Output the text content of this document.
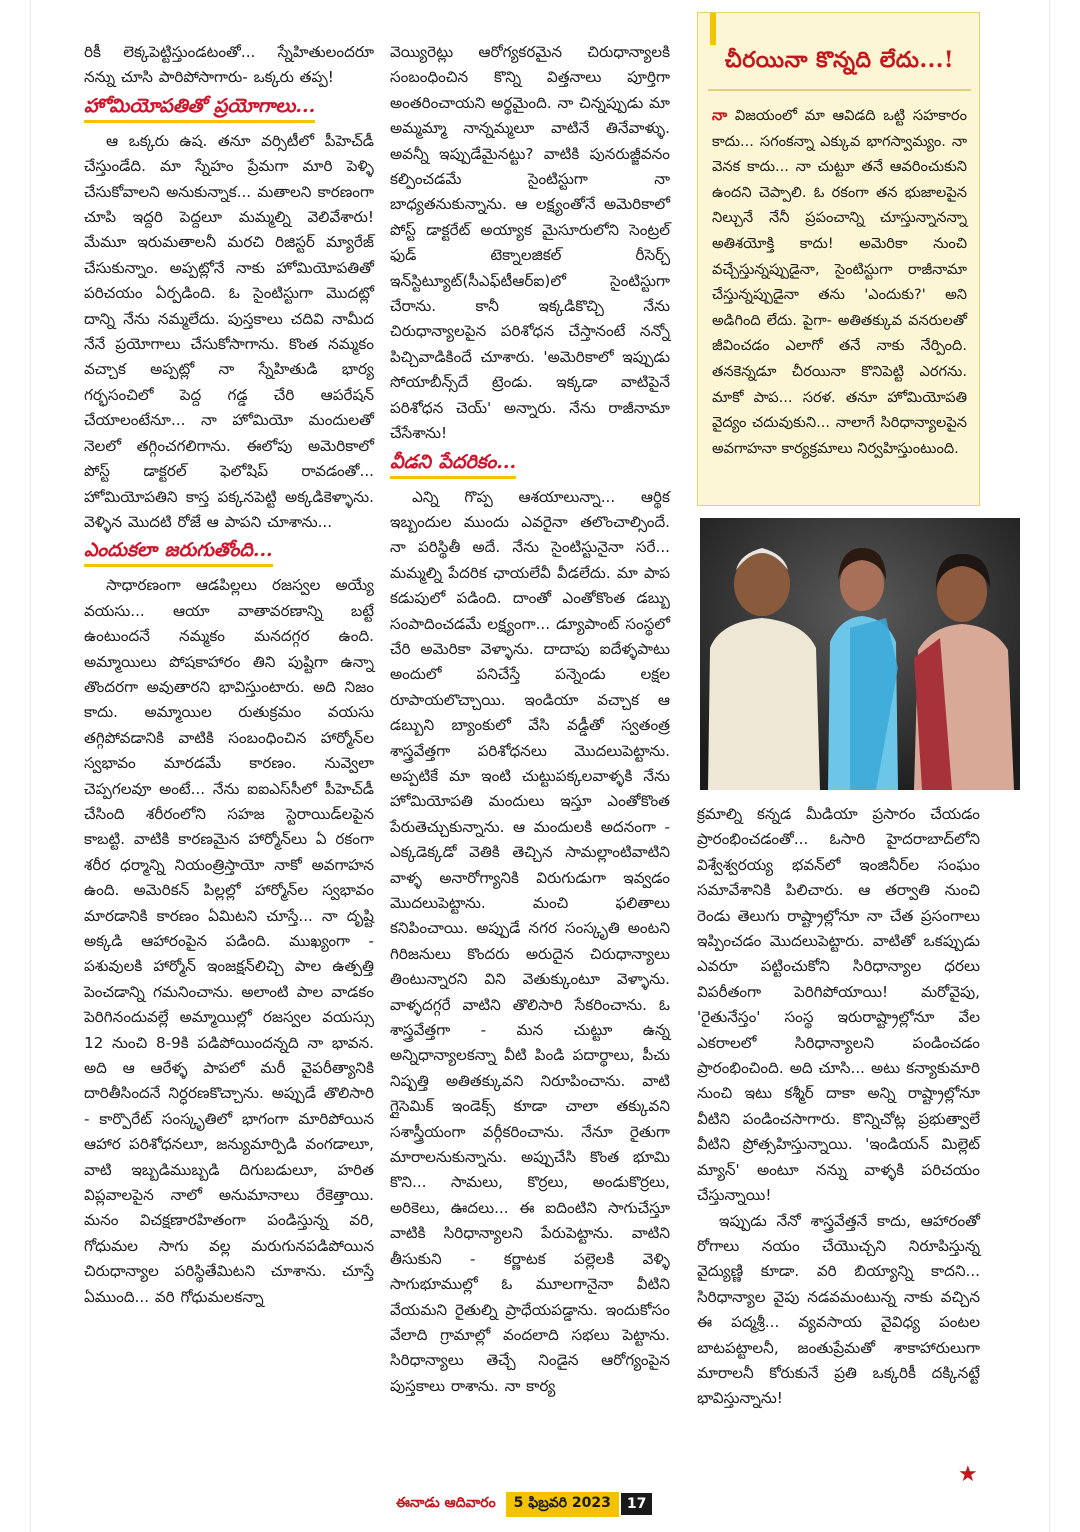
రికీ లెక్కపెట్టిస్తుండటంతో... స్నేహితులందరూ నన్ను చూసి పారిపోసాగారు- ఒక్కరు తప్ప!

హోమియోపతితో ప్రయోగాలు...

ఆ ఒక్కరు ఉష. తనూ వర్సిటీలో పీహెచ్‌డీ చేస్తుండేది. మా స్నేహం ప్రేమగా మారి పెళ్ళి చేసుకోవాలని అనుకున్నాక... మతాలని కారణంగా చూపి ఇద్దరి పెద్దలూ మమ్మల్ని వెలివేశారు! మేమూ ఇరుమతాలనీ మరచి రిజిస్టర్ మ్యారేజ్ చేసుకున్నాం. అప్పట్లోనే నాకు హోమియోపతితో పరిచయం ఏర్పడింది. ఓ సైంటిస్టుగా మొదట్లో దాన్ని నేను నమ్మలేదు. పుస్తకాలు చదివి నామీద నేనే ప్రయోగాలు చేసుకోసాగాను. కొంత నమ్మకం వచ్చాక అప్పట్లో నా స్నేహితుడి భార్య గర్భసంచిలో పెద్ద గడ్డ చేరి ఆపరేషన్ చేయాలంటేనూ... నా హోమియో మందులతో నెలలో తగ్గించగలిగాను. ఈలోపు అమెరికాలో పోస్ట్ డాక్టరల్ ఫెలోషిప్ రావడంతో... హోమియోపతిని కాస్త పక్కనపెట్టి అక్కడికెళ్ళాను. వెళ్ళిన మొదటి రోజే ఆ పాపని చూశాను...

ఎందుకలా జరుగుతోంది...

సాధారణంగా ఆడపిల్లలు రజస్వల అయ్యే వయసు... ఆయా వాతావరణాన్ని బట్టే ఉంటుందనే నమ్మకం మనదగ్గర ఉంది. అమ్మాయిలు పోషకాహారం తిని పుష్టిగా ఉన్నా తొందరగా అవుతారని భావిస్తుంటారు. అది నిజం కాదు. అమ్మాయిల రుతుక్రమం వయసు తగ్గిపోవడానికి వాటికి సంబంధించిన హార్మోన్‌ల స్వభావం మారడమే కారణం. నువ్వెలా చెప్పగలవూ అంటే... నేను ఐఐఎస్‌సీలో పీహెచ్‌డీ చేసింది శరీరంలోని సహజ స్టెరాయిడ్‌లపైన కాబట్టి. వాటికి కారణమైన హార్మోన్‌లు ఏ రకంగా శరీర ధర్మాన్ని నియంత్రిస్తాయో నాకో అవగాహన ఉంది. అమెరికన్ పిల్లల్లో హార్మోన్‌ల స్వభావం మారడానికి కారణం ఏమిటని చూస్తే... నా దృష్టి అక్కడి ఆహారంపైన పడింది. ముఖ్యంగా - పశువులకి హార్మోన్ ఇంజక్షన్‌లిచ్చి పాల ఉత్పత్తి పెంచడాన్ని గమనించాను. అలాంటి పాల వాడకం పెరిగినందువల్లే అమ్మాయిల్లో రజస్వల వయస్సు 12 నుంచి 8-9కి పడిపోయిందన్నది నా భావన. అది ఆ ఆరేళ్ళ పాపలో మరీ వైపరీత్యానికి దారితీసిందనే నిర్ధరణకొచ్చాను. అప్పుడే తొలిసారి - కార్పొరేట్ సంస్కృతిలో భాగంగా మారిపోయిన ఆహార పరిశోధనలూ, జన్యుమార్పిడి వంగడాలూ, వాటి ఇబ్బడిముబ్బడి దిగుబడులూ, హరిత విప్లవాలపైన నాలో అనుమానాలు రేకెత్తాయి. మనం విచక్షణారహితంగా పండిస్తున్న వరి, గోధుమల సాగు వల్ల మరుగునపడిపోయిన చిరుధాన్యాల పరిస్థితేమిటని చూశాను. చూస్తే ఏముంది... వరి గోధుమలకన్నా

వెయ్యిరెట్లు ఆరోగ్యకరమైన చిరుధాన్యాలకి సంబంధించిన కొన్ని విత్తనాలు పూర్తిగా అంతరించాయని అర్థమైంది. నా చిన్నప్పుడు మా అమ్మమ్మా నాన్నమ్మలూ వాటినే తినేవాళ్ళు. అవన్నీ ఇప్పుడేమైనట్టు? వాటికి పునరుజ్జీవనం కల్పించడమే సైంటిస్టుగా నా బాధ్యతనుకున్నాను. ఆ లక్ష్యంతోనే అమెరికాలో పోస్ట్ డాక్టరేట్ అయ్యాక మైసూరులోని సెంట్రల్ ఫుడ్ టెక్నాలజికల్ రీసెర్చ్ ఇన్‌స్టిట్యూట్(సీఎఫ్‌టీఆర్ఐ)లో సైంటిస్టుగా చేరాను. కానీ ఇక్కడికొచ్చి నేను చిరుధాన్యాలపైన పరిశోధన చేస్తానంటే నన్నో పిచ్చివాడికిందే చూశారు. 'అమెరికాలో ఇప్పుడు సోయాబీన్స్‌దే ట్రెండు. ఇక్కడా వాటిపైనే పరిశోధన చెయ్' అన్నారు. నేను రాజీనామా చేసేశాను!

వీడని పేదరికం...

ఎన్ని గొప్ప ఆశయాలున్నా... ఆర్థిక ఇబ్బందుల ముందు ఎవరైనా తలొంచాల్సిందే. నా పరిస్థితీ అదే. నేను సైంటిస్టునైనా సరే... మమ్మల్ని పేదరిక ఛాయలేవీ వీడలేదు. మా పాప కడుపులో పడింది. దాంతో ఎంతోకొంత డబ్బు సంపాదించడమే లక్ష్యంగా... డ్యూపాంట్ సంస్థలో చేరి అమెరికా వెళ్ళాను. దాదాపు ఐదేళ్ళపాటు అందులో పనిచేస్తే పన్నెండు లక్షల రూపాయలొచ్చాయి. ఇండియా వచ్చాక ఆ డబ్బుని బ్యాంకులో వేసి వడ్డీతో స్వతంత్ర శాస్త్రవేత్తగా పరిశోధనలు మొదలుపెట్టాను. అప్పటికే మా ఇంటి చుట్టుపక్కలవాళ్ళకి నేను హోమియోపతి మందులు ఇస్తూ ఎంతోకొంత పేరుతెచ్చుకున్నాను. ఆ మందులకి అదనంగా - ఎక్కడెక్కడో వెతికి తెచ్చిన సామల్లాంటివాటిని వాళ్ళ అనారోగ్యానికి విరుగుడుగా ఇవ్వడం మొదలుపెట్టాను. మంచి ఫలితాలు కనిపించాయి. అప్పుడే నగర సంస్కృతి అంటని గిరిజనులు కొందరు అరుదైన చిరుధాన్యాలు తింటున్నారని విని వెతుక్కుంటూ వెళ్ళాను. వాళ్ళదగ్గరే వాటిని తొలిసారి సేకరించాను. ఓ శాస్త్రవేత్తగా - మన చుట్టూ ఉన్న అన్నిధాన్యాలకన్నా వీటి పిండి పదార్థాలు, పీచు నిష్పత్తి అతితక్కువని నిరూపించాను. వాటి గ్లైసెమిక్ ఇండెక్స్ కూడా చాలా తక్కువని సశాస్త్రీయంగా వర్గీకరించాను. నేనూ రైతుగా మారాలనుకున్నాను. అప్పుచేసి కొంత భూమి కొని... సామలు, కొర్రలు, అండుకొర్రలు, అరికెలు, ఊదలు... ఈ ఐదింటిని సాగుచేస్తూ వాటికి సిరిధాన్యాలని పేరుపెట్టాను. వాటిని తీసుకుని - కర్ణాటక పల్లెలకి వెళ్ళి సాగుభూముల్లో ఓ మూలగానైనా వీటిని వేయమని రైతుల్ని ప్రాధేయపడ్డాను. ఇందుకోసం వేలాది గ్రామాల్లో వందలాది సభలు పెట్టాను. సిరిధాన్యాలు తెచ్చే నిండైన ఆరోగ్యంపైన పుస్తకాలు రాశాను. నా కార్య

చీరయినా కొన్నది లేదు...!
నా విజయంలో మా ఆవిడది ఒట్టి సహకారం కాదు... సగంకన్నా ఎక్కువ భాగస్వామ్యం. నా వెనక కాదు... నా చుట్టూ తనే ఆవరించుకుని ఉందని చెప్పాలి. ఓ రకంగా తన భుజాలపైన నిల్చునే నేనీ ప్రపంచాన్ని చూస్తున్నానన్నా అతిశయోక్తి కాదు! అమెరికా నుంచి వచ్చేస్తున్నప్పుడైనా, సైంటిస్టుగా రాజీనామా చేస్తున్నప్పుడైనా తను 'ఎందుకు?' అని అడిగింది లేదు. పైగా- అతితక్కువ వనరులతో జీవించడం ఎలాగో తనే నాకు నేర్పింది. తనకెన్నడూ చీరయినా కొనిపెట్టి ఎరగను. మాకో పాప... సరళ. తనూ హోమియోపతి వైద్యం చదువుకుని... నాలాగే సిరిధాన్యాలపైన అవగాహనా కార్యక్రమాలు నిర్వహిస్తుంటుంది.

క్రమాల్ని కన్నడ మీడియా ప్రసారం చేయడం ప్రారంభించడంతో... ఓసారి హైదరాబాద్‌లోని విశ్వేశ్వరయ్య భవన్‌లో ఇంజినీర్‌ల సంఘం సమావేశానికి పిలిచారు. ఆ తర్వాతి నుంచి రెండు తెలుగు రాష్ట్రాల్లోనూ నా చేత ప్రసంగాలు ఇప్పించడం మొదలుపెట్టారు. వాటితో ఒకప్పుడు ఎవరూ పట్టించుకోని సిరిధాన్యాల ధరలు విపరీతంగా పెరిగిపోయాయి! మరోవైపు, 'రైతునేస్తం' సంస్థ ఇరురాష్ట్రాల్లోనూ వేల ఎకరాలలో సిరిధాన్యాలని పండించడం ప్రారంభించింది. అది చూసి... అటు కన్యాకుమారి నుంచి ఇటు కశ్మీర్ దాకా అన్ని రాష్ట్రాల్లోనూ వీటిని పండించసాగారు. కొన్నిచోట్ల ప్రభుత్వాలే వీటిని ప్రోత్సహిస్తున్నాయి. 'ఇండియన్ మిల్లెట్ మ్యాన్' అంటూ నన్ను వాళ్ళకి పరిచయం చేస్తున్నాయి!

ఇప్పుడు నేనో శాస్త్రవేత్తనే కాదు, ఆహారంతో రోగాలు నయం చేయొచ్చని నిరూపిస్తున్న వైద్యుణ్ణి కూడా. వరి బియ్యాన్ని కాదని... సిరిధాన్యాల వైపు నడవమంటున్న నాకు వచ్చిన ఈ పద్మశ్రీ... వ్యవసాయ వైవిధ్య పంటల బాటపట్టాలనీ, జంతుప్రేమతో శాకాహారులుగా మారాలనీ కోరుకునే ప్రతి ఒక్కరికీ దక్కినట్టే భావిస్తున్నాను!

★
ఈనాడు ఆదివారం	5 ఫిబ్రవరి 2023	17
